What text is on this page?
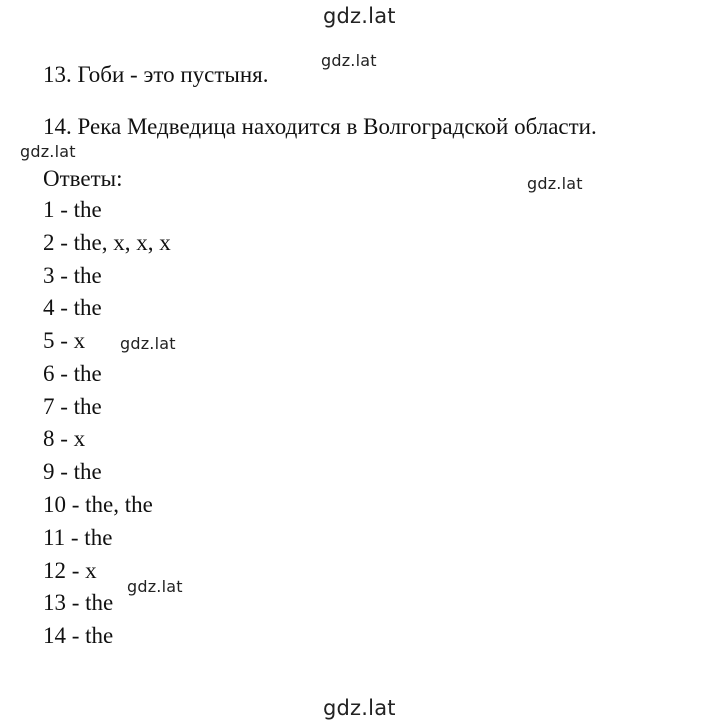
gdz.lat
gdz.lat
gdz.lat
gdz.lat
gdz.lat
gdz.lat
gdz.lat
13. Гоби - это пустыня.
14. Река Медведица находится в Волгоградской области.
Ответы:
1 - the
2 - the, x, x, x
3 - the
4 - the
5 - x
6 - the
7 - the
8 - x
9 - the
10 - the, the
11 - the
12 - x
13 - the
14 - the
